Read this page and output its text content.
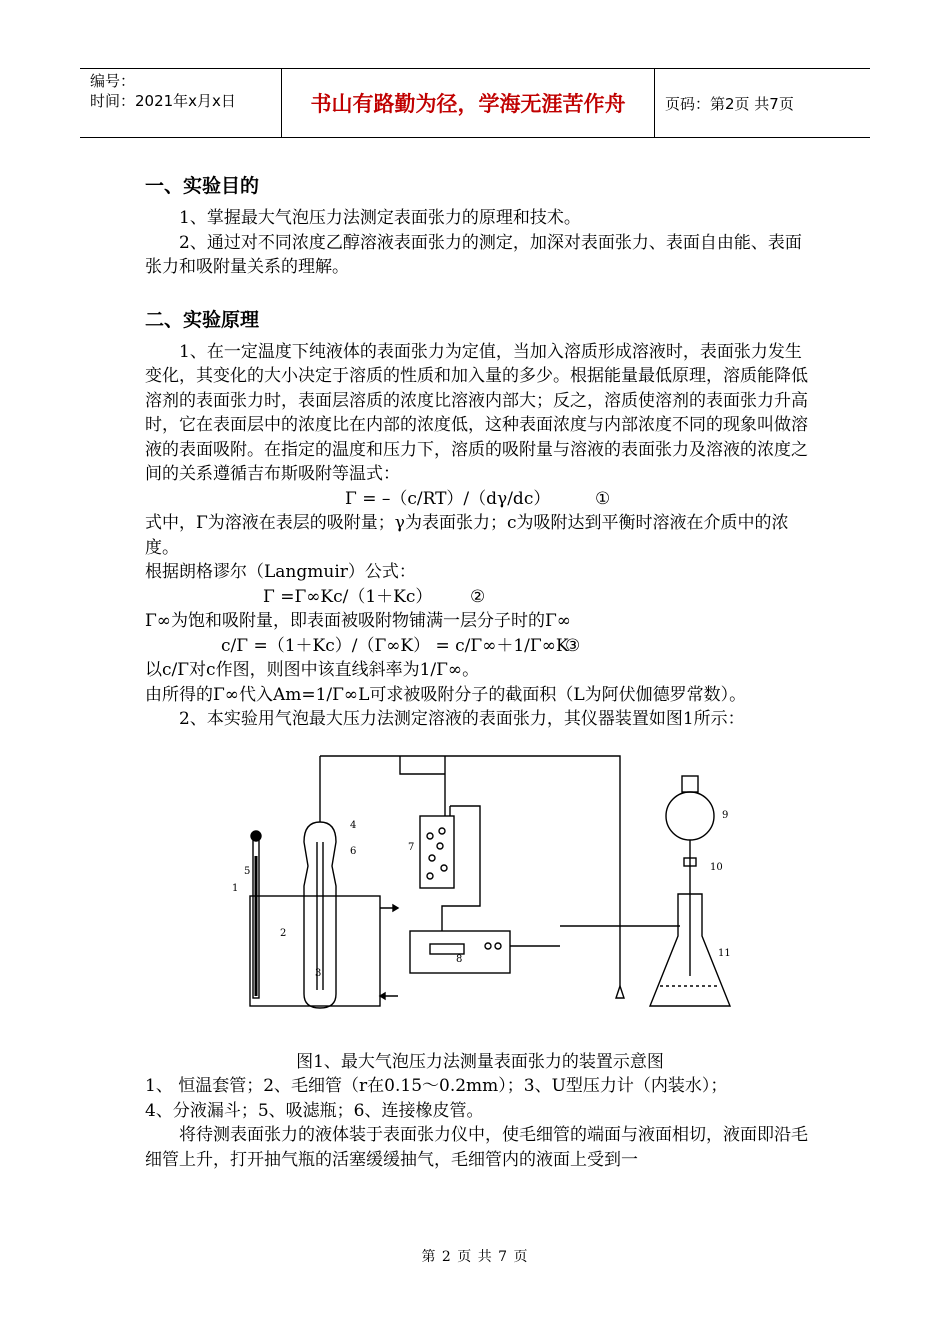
编号：
时间：2021年x月x日	书山有路勤为径，学海无涯苦作舟	页码：第2页 共7页

一、实验目的

1、掌握最大气泡压力法测定表面张力的原理和技术。

2、通过对不同浓度乙醇溶液表面张力的测定，加深对表面张力、表面自由能、表面张力和吸附量关系的理解。

二、实验原理

1、在一定温度下纯液体的表面张力为定值，当加入溶质形成溶液时，表面张力发生变化，其变化的大小决定于溶质的性质和加入量的多少。根据能量最低原理，溶质能降低溶剂的表面张力时，表面层溶质的浓度比溶液内部大；反之，溶质使溶剂的表面张力升高时，它在表面层中的浓度比在内部的浓度低，这种表面浓度与内部浓度不同的现象叫做溶液的表面吸附。在指定的温度和压力下，溶质的吸附量与溶液的表面张力及溶液的浓度之间的关系遵循吉布斯吸附等温式：

Γ = –（c/RT）/（dγ/dc）	①

式中，Γ为溶液在表层的吸附量；γ为表面张力；c为吸附达到平衡时溶液在介质中的浓度。

根据朗格谬尔（Langmuir）公式：

Γ =Γ∞Kc/（1＋Kc） ②

Γ∞为饱和吸附量，即表面被吸附物铺满一层分子时的Γ∞

c/Γ =（1＋Kc）/（Γ∞K） = c/Γ∞＋1/Γ∞K
③

以c/Γ对c作图，则图中该直线斜率为1/Γ∞。

由所得的Γ∞代入Am=1/Γ∞L可求被吸附分子的截面积（L为阿伏伽德罗常数）。

2、本实验用气泡最大压力法测定溶液的表面张力，其仪器装置如图1所示：

1
2
3
4
5
6	7
8
9
10
11

图1、最大气泡压力法测量表面张力的装置示意图

1、 恒温套管；2、毛细管（r在0.15～0.2mm）；3、U型压力计（内装水）；

4、分液漏斗；5、吸滤瓶；6、连接橡皮管。

将待测表面张力的液体装于表面张力仪中，使毛细管的端面与液面相切，液面即沿毛细管上升，打开抽气瓶的活塞缓缓抽气，毛细管内的液面上受到一

第 2 页 共 7 页
